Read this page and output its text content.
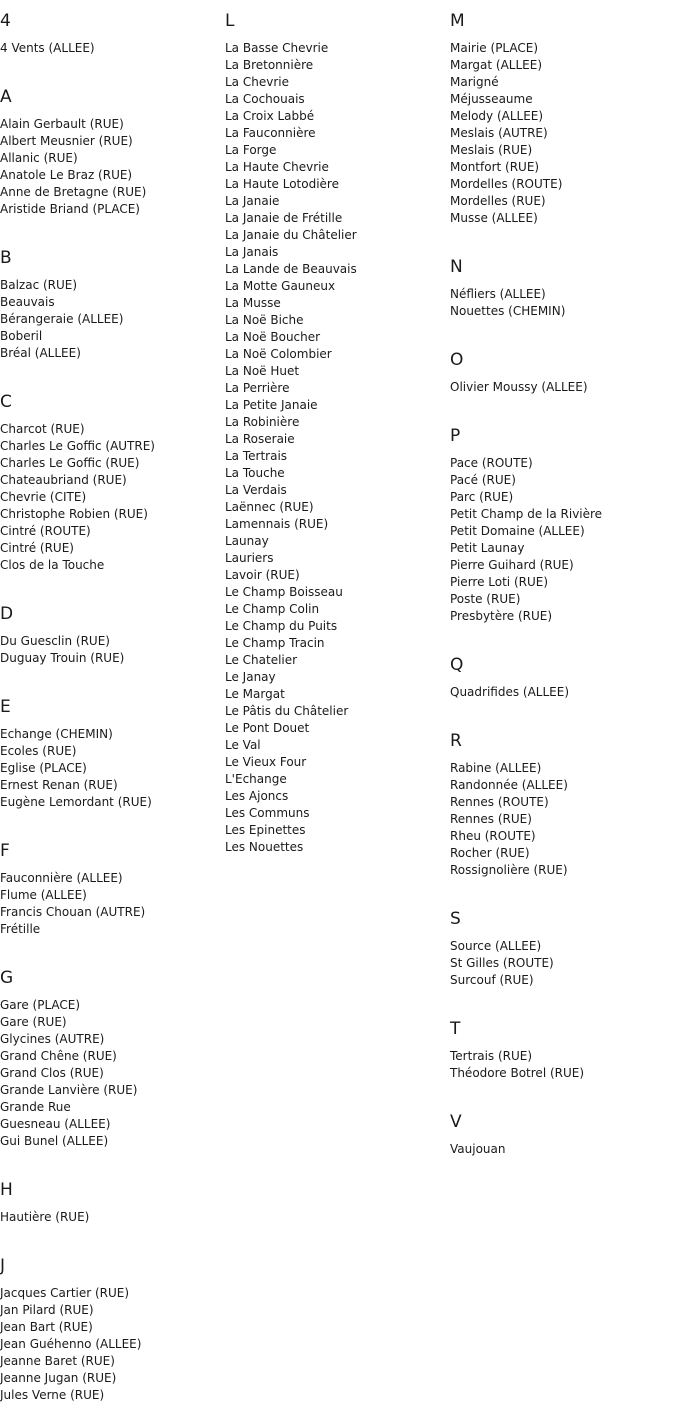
4
4 Vents (ALLEE)
A
Alain Gerbault (RUE)
Albert Meusnier (RUE)
Allanic (RUE)
Anatole Le Braz (RUE)
Anne de Bretagne (RUE)
Aristide Briand (PLACE)
B
Balzac (RUE)
Beauvais
Bérangeraie (ALLEE)
Boberil
Bréal (ALLEE)
C
Charcot (RUE)
Charles Le Goffic (AUTRE)
Charles Le Goffic (RUE)
Chateaubriand (RUE)
Chevrie (CITE)
Christophe Robien (RUE)
Cintré (ROUTE)
Cintré (RUE)
Clos de la Touche
D
Du Guesclin (RUE)
Duguay Trouin (RUE)
E
Echange (CHEMIN)
Ecoles (RUE)
Eglise (PLACE)
Ernest Renan (RUE)
Eugène Lemordant (RUE)
F
Fauconnière (ALLEE)
Flume (ALLEE)
Francis Chouan (AUTRE)
Frétille
G
Gare (PLACE)
Gare (RUE)
Glycines (AUTRE)
Grand Chêne (RUE)
Grand Clos (RUE)
Grande Lanvière (RUE)
Grande Rue
Guesneau (ALLEE)
Gui Bunel (ALLEE)
H
Hautière (RUE)
J
Jacques Cartier (RUE)
Jan Pilard (RUE)
Jean Bart (RUE)
Jean Guéhenno (ALLEE)
Jeanne Baret (RUE)
Jeanne Jugan (RUE)
Jules Verne (RUE)
L
La Basse Chevrie
La Bretonnière
La Chevrie
La Cochouais
La Croix Labbé
La Fauconnière
La Forge
La Haute Chevrie
La Haute Lotodière
La Janaie
La Janaie de Frétille
La Janaie du Châtelier
La Janais
La Lande de Beauvais
La Motte Gauneux
La Musse
La Noë Biche
La Noë Boucher
La Noë Colombier
La Noë Huet
La Perrière
La Petite Janaie
La Robinière
La Roseraie
La Tertrais
La Touche
La Verdais
Laënnec (RUE)
Lamennais (RUE)
Launay
Lauriers
Lavoir (RUE)
Le Champ Boisseau
Le Champ Colin
Le Champ du Puits
Le Champ Tracin
Le Chatelier
Le Janay
Le Margat
Le Pâtis du Châtelier
Le Pont Douet
Le Val
Le Vieux Four
L'Echange
Les Ajoncs
Les Communs
Les Epinettes
Les Nouettes
M
Mairie (PLACE)
Margat (ALLEE)
Marigné
Méjusseaume
Melody (ALLEE)
Meslais (AUTRE)
Meslais (RUE)
Montfort (RUE)
Mordelles (ROUTE)
Mordelles (RUE)
Musse (ALLEE)
N
Néfliers (ALLEE)
Nouettes (CHEMIN)
O
Olivier Moussy (ALLEE)
P
Pace (ROUTE)
Pacé (RUE)
Parc (RUE)
Petit Champ de la Rivière
Petit Domaine (ALLEE)
Petit Launay
Pierre Guihard (RUE)
Pierre Loti (RUE)
Poste (RUE)
Presbytère (RUE)
Q
Quadrifides (ALLEE)
R
Rabine (ALLEE)
Randonnée (ALLEE)
Rennes (ROUTE)
Rennes (RUE)
Rheu (ROUTE)
Rocher (RUE)
Rossignolière (RUE)
S
Source (ALLEE)
St Gilles (ROUTE)
Surcouf (RUE)
T
Tertrais (RUE)
Théodore Botrel (RUE)
V
Vaujouan
